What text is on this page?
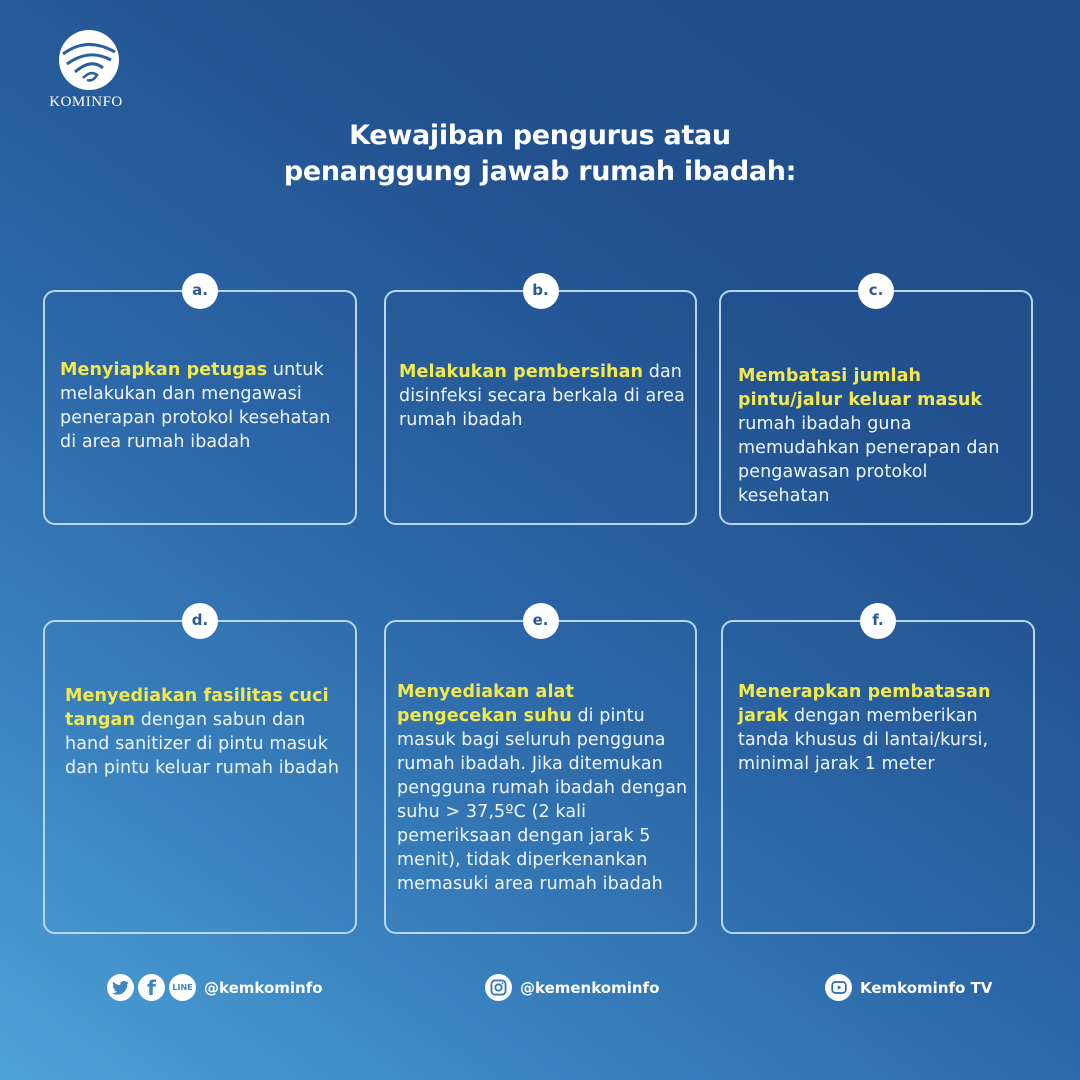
KOMINFO
Kewajiban pengurus atau
penanggung jawab rumah ibadah:
a.
Menyiapkan petugas untuk melakukan dan mengawasi penerapan protokol kesehatan di area rumah ibadah
b.
Melakukan pembersihan dan disinfeksi secara berkala di area rumah ibadah
c.
Membatasi jumlah pintu/jalur keluar masuk rumah ibadah guna memudahkan penerapan dan pengawasan protokol kesehatan
d.
Menyediakan fasilitas cuci tangan dengan sabun dan hand sanitizer di pintu masuk dan pintu keluar rumah ibadah
e.
Menyediakan alat pengecekan suhu di pintu masuk bagi seluruh pengguna rumah ibadah. Jika ditemukan pengguna rumah ibadah dengan suhu > 37,5ºC (2 kali pemeriksaan dengan jarak 5 menit), tidak diperkenankan memasuki area rumah ibadah
f.
Menerapkan pembatasan jarak dengan memberikan tanda khusus di lantai/kursi, minimal jarak 1 meter
f	LINE @kemkominfo	@kemenkominfo	Kemkominfo TV
